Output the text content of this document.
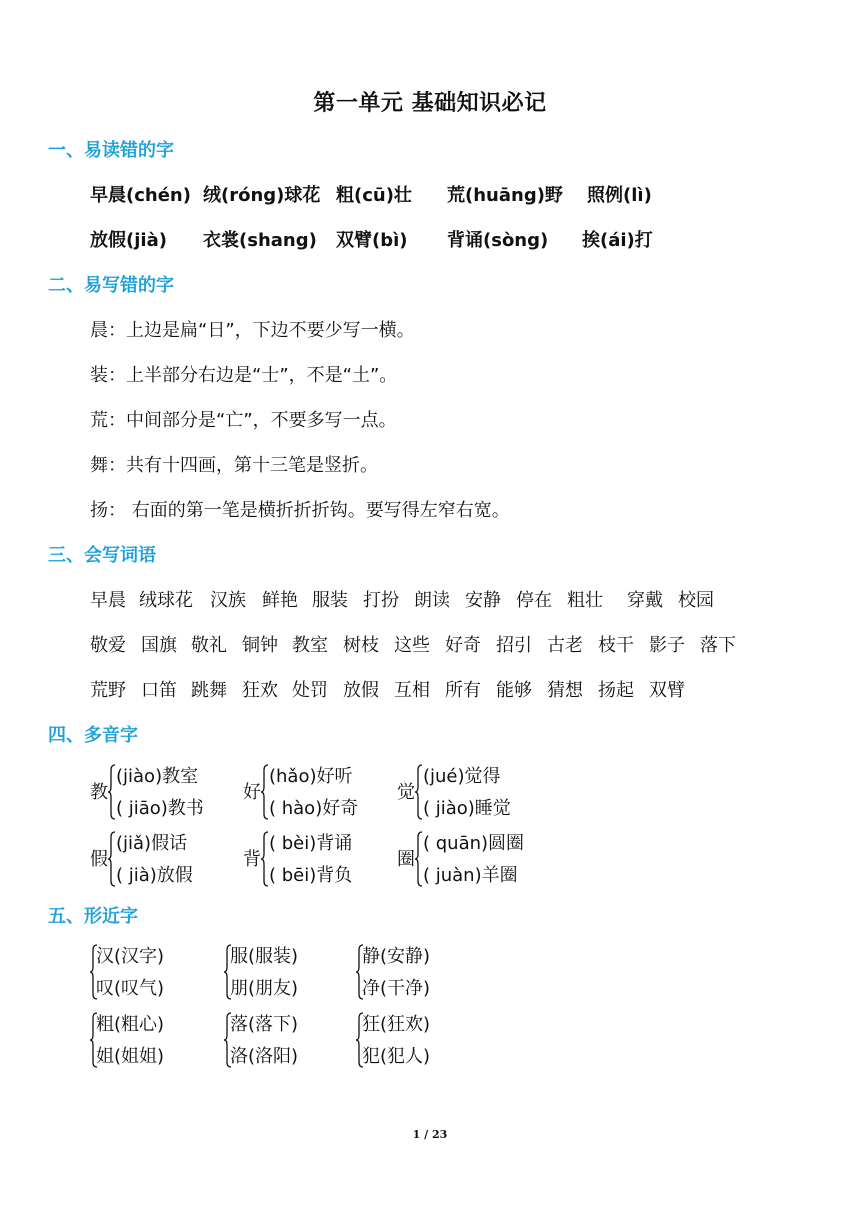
第一单元 基础知识必记
一、易读错的字
早晨(chén) 绒(róng)球花 粗(cū)壮 荒(huāng)野 照例(lì)
放假(jià) 衣裳(shang) 双臂(bì) 背诵(sòng) 挨(ái)打
二、易写错的字
晨：上边是扁“日”，下边不要少写一横。
装：上半部分右边是“士”，不是“土”。
荒：中间部分是“亡”，不要多写一点。
舞：共有十四画，第十三笔是竖折。
扬： 右面的第一笔是横折折折钩。要写得左窄右宽。
三、会写词语
早晨 绒球花 汉族 鲜艳 服装 打扮 朗读 安静 停在 粗壮 穿戴 校园
敬爱 国旗 敬礼 铜钟 教室 树枝 这些 好奇 招引 古老 枝干 影子 落下
荒野 口笛 跳舞 狂欢 处罚 放假 互相 所有 能够 猜想 扬起 双臂
四、多音字
教
(jiào)教室
( jiāo)教书
好
(hǎo)好听
( hào)好奇
觉
(jué)觉得
( jiào)睡觉
假
(jiǎ)假话
( jià)放假
背
( bèi)背诵
( bēi)背负
圈
( quān)圆圈
( juàn)羊圈
五、形近字
汉(汉字)
叹(叹气)
服(服装)
朋(朋友)
静(安静)
净(干净)
粗(粗心)
姐(姐姐)
落(落下)
洛(洛阳)
狂(狂欢)
犯(犯人)
1 / 23
